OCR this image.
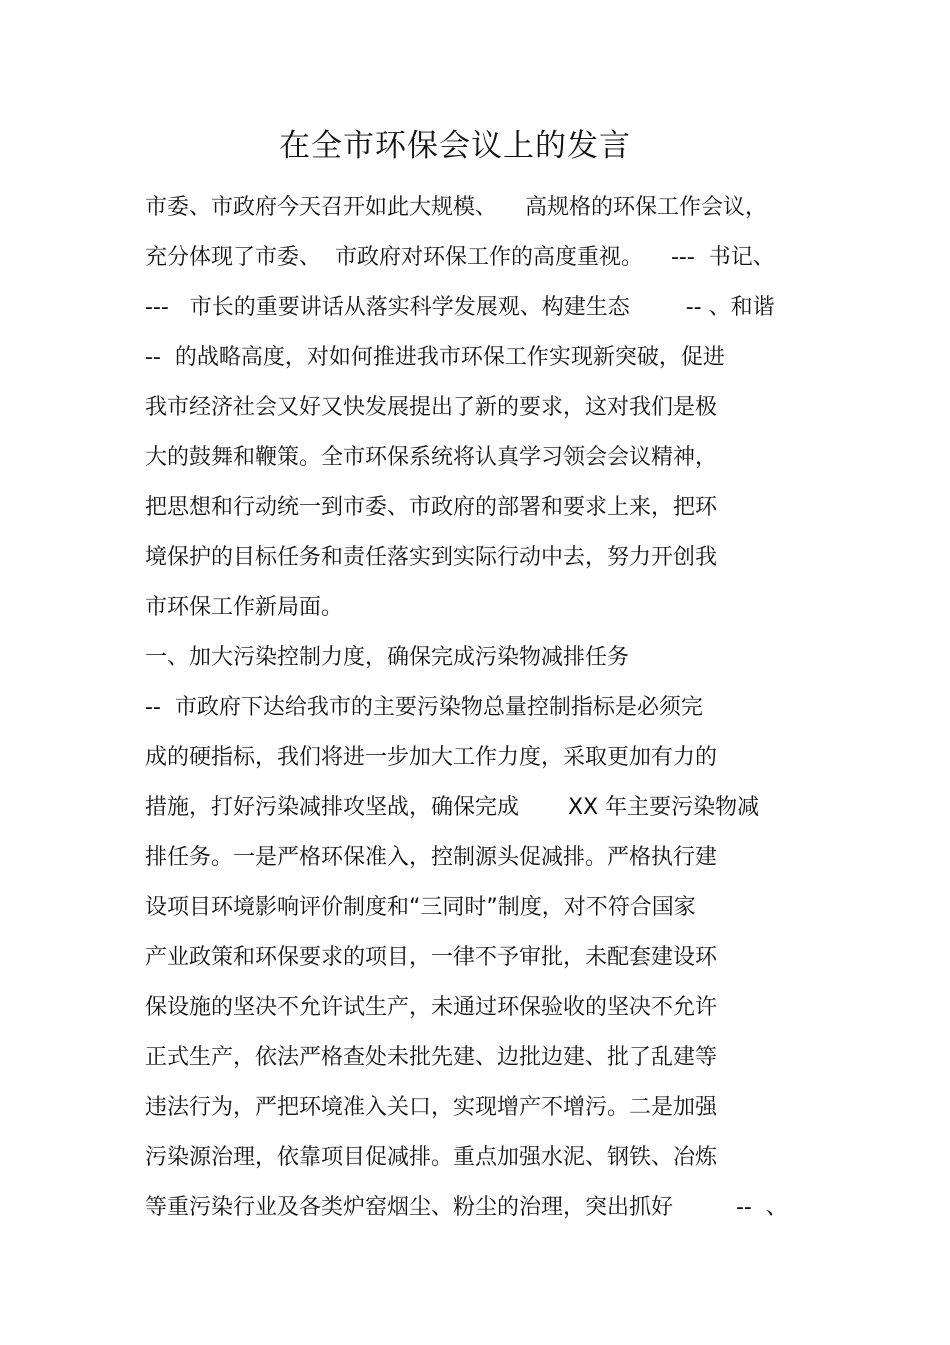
在全市环保会议上的发言
市委、市政府今天召开如此大规模、    高规格的环保工作会议，
充分体现了市委、  市政府对环保工作的高度重视。    ---  书记、
---   市长的重要讲话从落实科学发展观、构建生态        -- 、和谐
--  的战略高度，对如何推进我市环保工作实现新突破，促进
我市经济社会又好又快发展提出了新的要求，这对我们是极
大的鼓舞和鞭策。全市环保系统将认真学习领会会议精神，
把思想和行动统一到市委、市政府的部署和要求上来，把环
境保护的目标任务和责任落实到实际行动中去，努力开创我
市环保工作新局面。
一、加大污染控制力度，确保完成污染物减排任务
--  市政府下达给我市的主要污染物总量控制指标是必须完
成的硬指标，我们将进一步加大工作力度，采取更加有力的
措施，打好污染减排攻坚战，确保完成       XX 年主要污染物减
排任务。一是严格环保准入，控制源头促减排。严格执行建
设项目环境影响评价制度和“三同时”制度，对不符合国家
产业政策和环保要求的项目，一律不予审批，未配套建设环
保设施的坚决不允许试生产，未通过环保验收的坚决不允许
正式生产，依法严格查处未批先建、边批边建、批了乱建等
违法行为，严把环境准入关口，实现增产不增污。二是加强
污染源治理，依靠项目促减排。重点加强水泥、钢铁、冶炼
等重污染行业及各类炉窑烟尘、粉尘的治理，突出抓好         --  、
